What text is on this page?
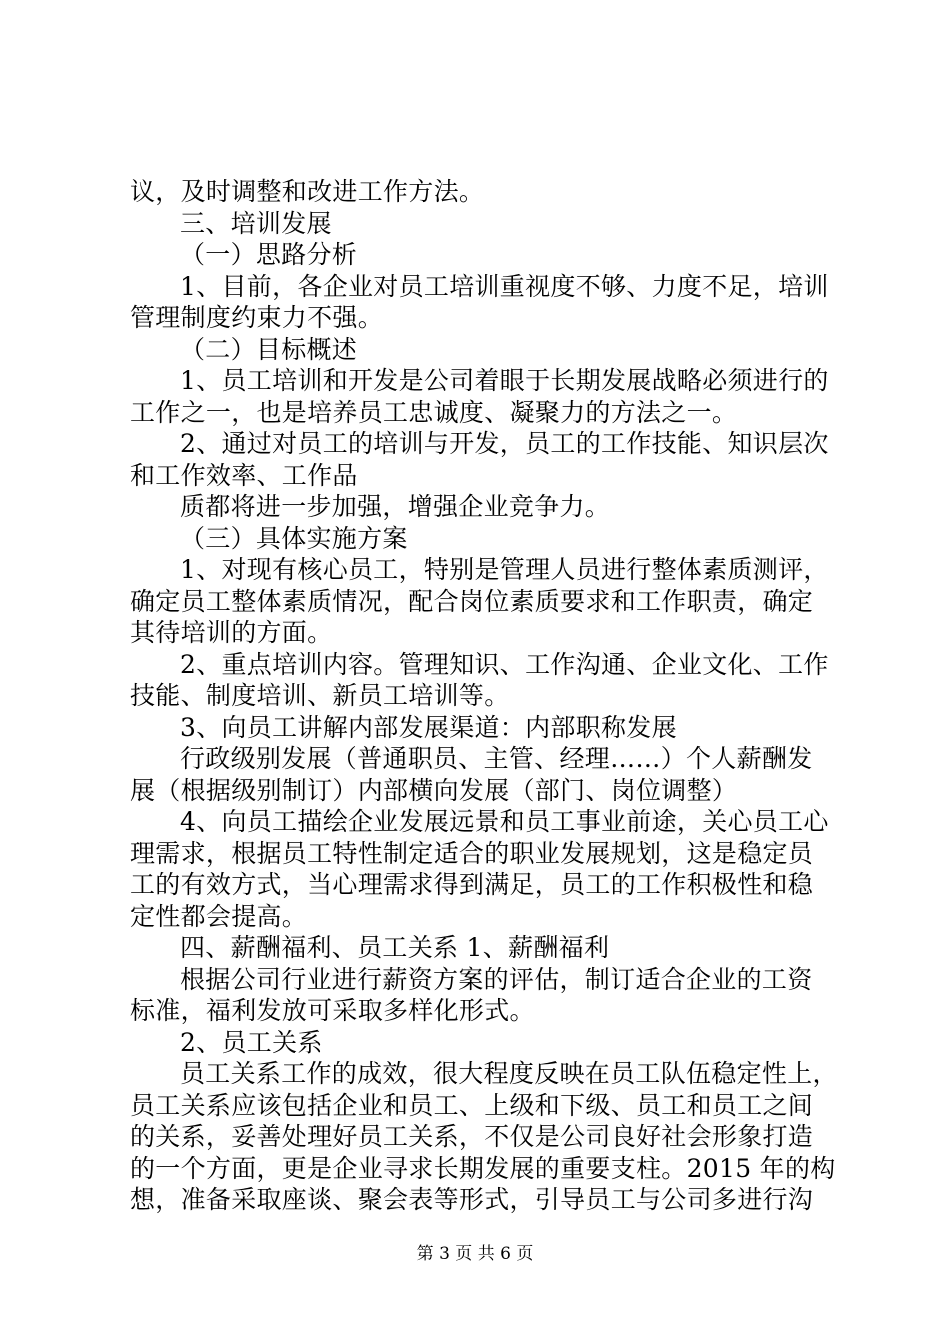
议，及时调整和改进工作方法。
三、培训发展
（一）思路分析
1、目前，各企业对员工培训重视度不够、力度不足，培训
管理制度约束力不强。
（二）目标概述
1、员工培训和开发是公司着眼于长期发展战略必须进行的
工作之一，也是培养员工忠诚度、凝聚力的方法之一。
2、通过对员工的培训与开发，员工的工作技能、知识层次
和工作效率、工作品
质都将进一步加强，增强企业竞争力。
（三）具体实施方案
1、对现有核心员工，特别是管理人员进行整体素质测评，
确定员工整体素质情况，配合岗位素质要求和工作职责，确定
其待培训的方面。
2、重点培训内容。管理知识、工作沟通、企业文化、工作
技能、制度培训、新员工培训等。
3、向员工讲解内部发展渠道：内部职称发展
行政级别发展（普通职员、主管、经理……）个人薪酬发
展（根据级别制订）内部横向发展（部门、岗位调整）
4、向员工描绘企业发展远景和员工事业前途，关心员工心
理需求，根据员工特性制定适合的职业发展规划，这是稳定员
工的有效方式，当心理需求得到满足，员工的工作积极性和稳
定性都会提高。
四、薪酬福利、员工关系 1、薪酬福利
根据公司行业进行薪资方案的评估，制订适合企业的工资
标准，福利发放可采取多样化形式。
2、员工关系
员工关系工作的成效，很大程度反映在员工队伍稳定性上，
员工关系应该包括企业和员工、上级和下级、员工和员工之间
的关系，妥善处理好员工关系，不仅是公司良好社会形象打造
的一个方面，更是企业寻求长期发展的重要支柱。2015 年的构
想，准备采取座谈、聚会表等形式，引导员工与公司多进行沟
第 3 页 共 6 页
